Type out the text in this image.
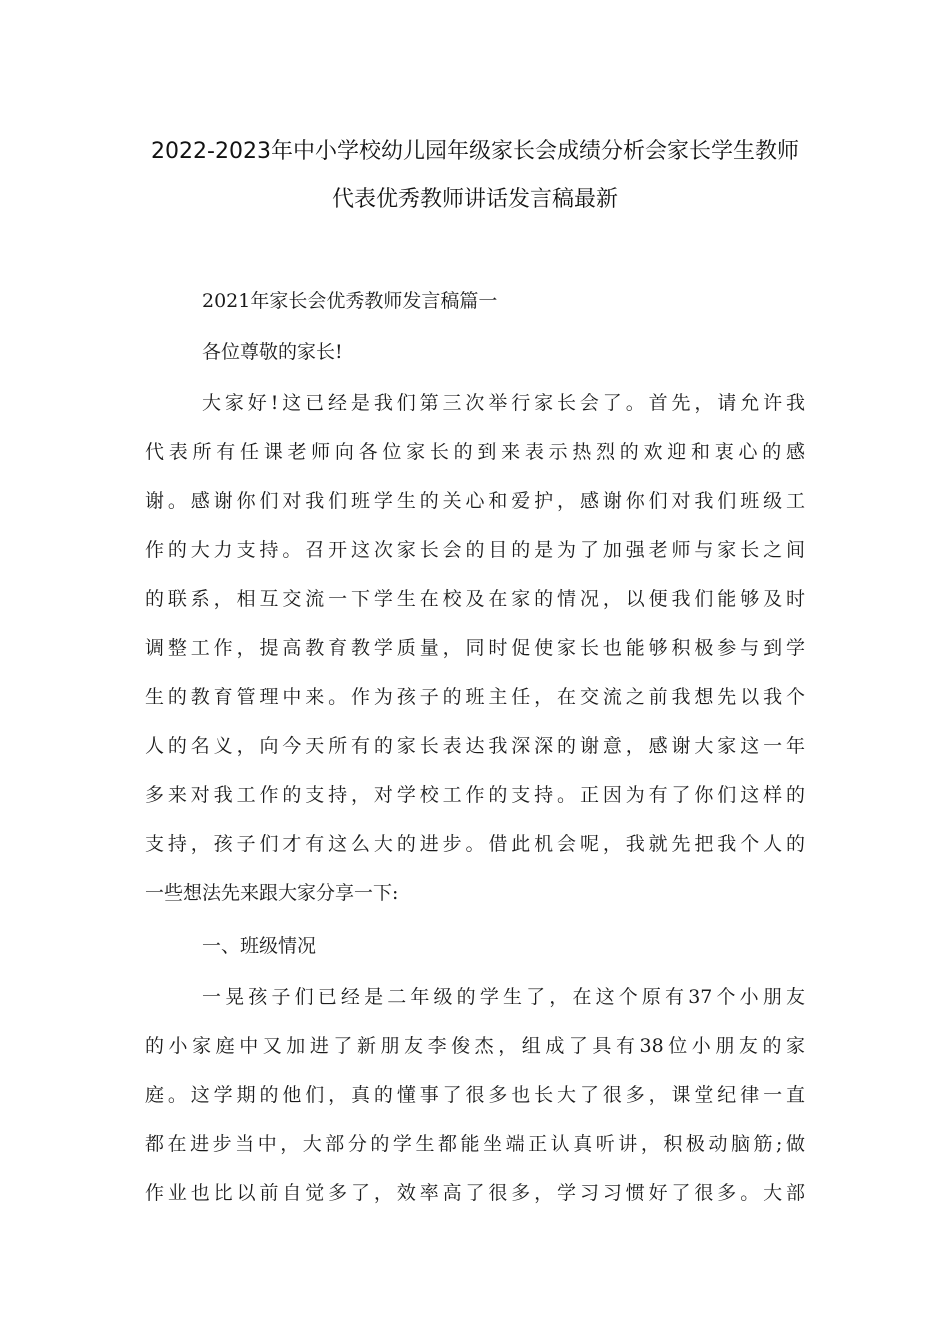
2022-2023年中小学校幼儿园年级家长会成绩分析会家长学生教师
代表优秀教师讲话发言稿最新
2021年家长会优秀教师发言稿篇一
各位尊敬的家长!
大家好!这已经是我们第三次举行家长会了。首先，请允许我
代表所有任课老师向各位家长的到来表示热烈的欢迎和衷心的感
谢。感谢你们对我们班学生的关心和爱护，感谢你们对我们班级工
作的大力支持。召开这次家长会的目的是为了加强老师与家长之间
的联系，相互交流一下学生在校及在家的情况，以便我们能够及时
调整工作，提高教育教学质量，同时促使家长也能够积极参与到学
生的教育管理中来。作为孩子的班主任，在交流之前我想先以我个
人的名义，向今天所有的家长表达我深深的谢意，感谢大家这一年
多来对我工作的支持，对学校工作的支持。正因为有了你们这样的
支持，孩子们才有这么大的进步。借此机会呢，我就先把我个人的
一些想法先来跟大家分享一下:
一、班级情况
一晃孩子们已经是二年级的学生了，在这个原有37个小朋友
的小家庭中又加进了新朋友李俊杰，组成了具有38位小朋友的家
庭。这学期的他们，真的懂事了很多也长大了很多，课堂纪律一直
都在进步当中，大部分的学生都能坐端正认真听讲，积极动脑筋;做
作业也比以前自觉多了，效率高了很多，学习习惯好了很多。大部
